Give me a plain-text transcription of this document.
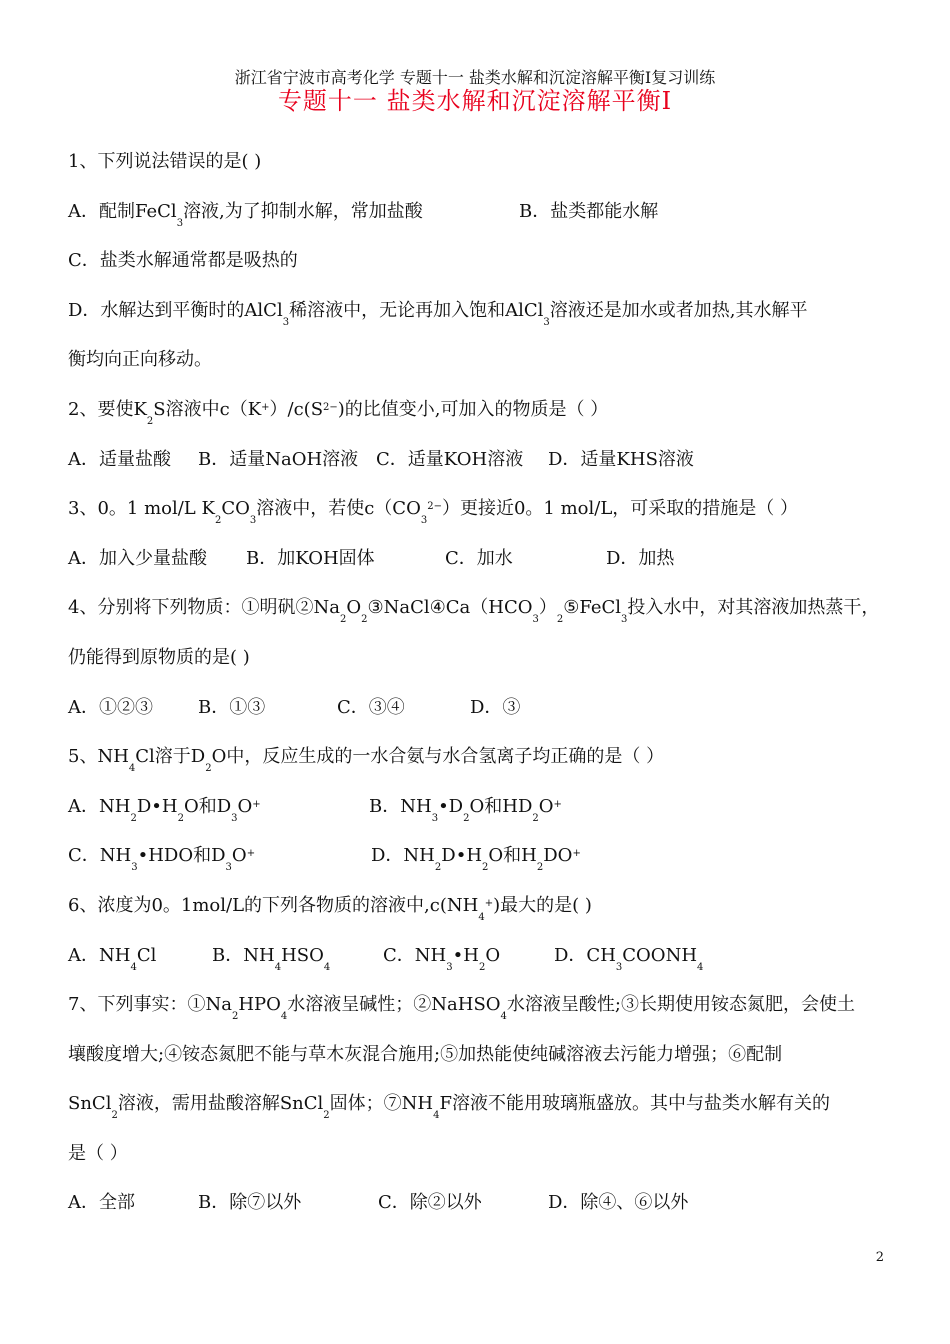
浙江省宁波市高考化学 专题十一 盐类水解和沉淀溶解平衡Ⅰ复习训练
专题十一 盐类水解和沉淀溶解平衡Ⅰ
1、下列说法错误的是( )
A．配制FeCl$_3$溶液,为了抑制水解，常加盐酸	B．盐类都能水解
C．盐类水解通常都是吸热的
D．水解达到平衡时的AlCl$_3$稀溶液中，无论再加入饱和AlCl$_3$溶液还是加水或者加热,其水解平
衡均向正向移动。
2、要使$K_2S$溶液中$c(K^+)/c(S^{2-})$的比值变小,可加入的物质是（ ）
A．适量盐酸 B．适量NaOH溶液 C．适量KOH溶液 D．适量KHS溶液
3、0。1 mol/L $K_2CO_3$溶液中，若使$c(CO_3^{2-})$更接近0。1 mol/L，可采取的措施是（ ）
A．加入少量盐酸 B．加KOH固体	C．加水	D．加热
4、分别将下列物质：①明矾$②Na_2O_2③NaCl④Ca(HCO_3)_2⑤FeCl_3$投入水中，对其溶液加热蒸干，
仍能得到原物质的是( )
A．①②③	B．①③	C．③④	D．③
5、$NH_4Cl$溶于$D_2O$中，反应生成的一水合氨与水合氢离子均正确的是（ ）
A．$NH_2D•H_2O$和$D_3O^+$	B．$NH_3•D_2O$和$HD_2O^+$
C．$NH_3•HDO$和$D_3O^+$	D．$NH_2D•H_2O$和$H_2DO^+$
6、浓度为0。1mol/L的下列各物质的溶液中$,c(NH_4^+)$最大的是( )
A．$NH_4Cl$	B．$NH_4HSO_4C$．$NH_3•H_2O$	D．$CH_3COONH_4$
7、下列事实：$①Na_2HPO_4$水溶液呈碱性；②NaHSO$_4$水溶液呈酸性;③长期使用铵态氮肥，会使土
壤酸度增大;④铵态氮肥不能与草木灰混合施用;⑤加热能使纯碱溶液去污能力增强；⑥配制
SnCl$_2$溶液，需用盐酸溶解SnCl$_2$固体；$⑦NH_4F$溶液不能用玻璃瓶盛放。其中与盐类水解有关的
是（ ）
A．全部	B．除⑦以外	C．除②以外	D．除④、⑥以外
2
